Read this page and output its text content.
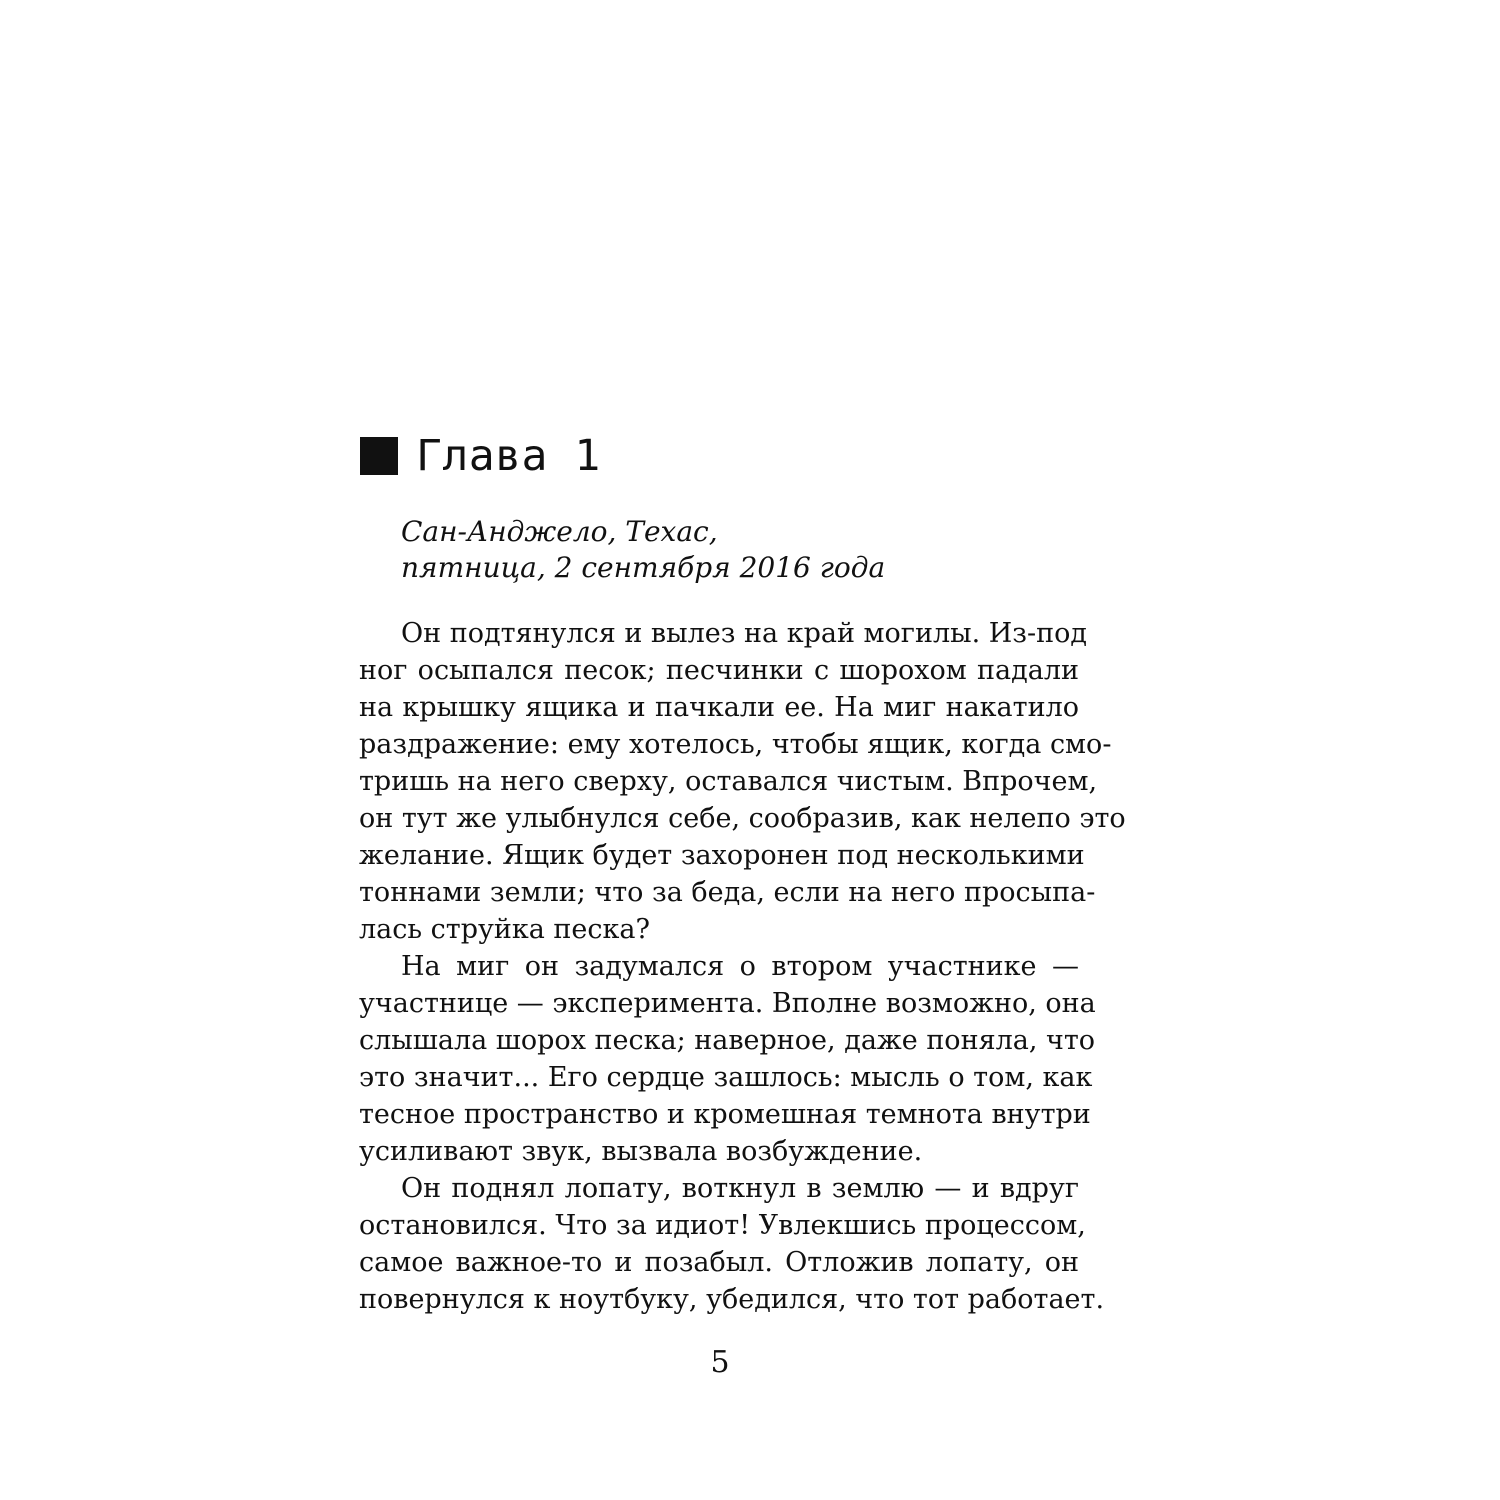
Глава 1
Сан-Анджело, Техас,
пятница, 2 сентября 2016 года
Он подтянулся и вылез на край могилы. Из-под
ног осыпался песок; песчинки с шорохом падали
на крышку ящика и пачкали ее. На миг накатило
раздражение: ему хотелось, чтобы ящик, когда смо-
тришь на него сверху, оставался чистым. Впрочем,
он тут же улыбнулся себе, сообразив, как нелепо это
желание. Ящик будет захоронен под несколькими
тоннами земли; что за беда, если на него просыпа-
лась струйка песка?
На миг он задумался о втором участнике —
участнице — эксперимента. Вполне возможно, она
слышала шорох песка; наверное, даже поняла, что
это значит... Его сердце зашлось: мысль о том, как
тесное пространство и кромешная темнота внутри
усиливают звук, вызвала возбуждение.
Он поднял лопату, воткнул в землю — и вдруг
остановился. Что за идиот! Увлекшись процессом,
самое важное-то и позабыл. Отложив лопату, он
повернулся к ноутбуку, убедился, что тот работает.
5
